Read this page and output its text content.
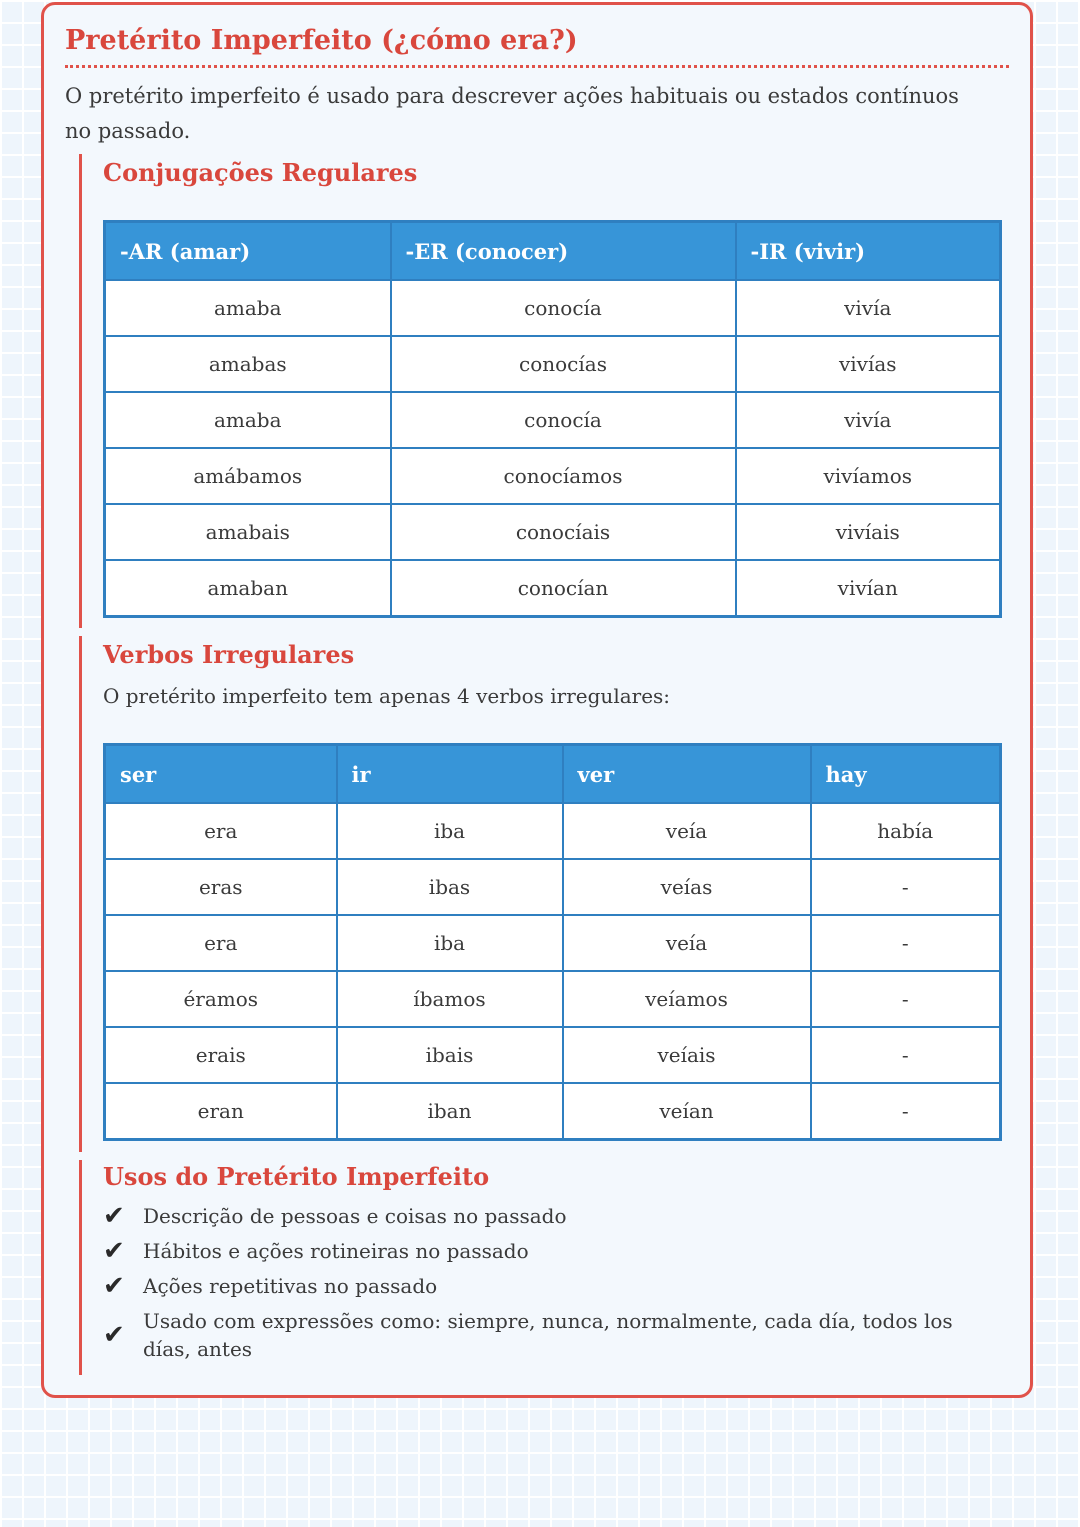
Pretérito Imperfeito (¿cómo era?)

O pretérito imperfeito é usado para descrever ações habituais ou estados contínuos no passado.

Conjugações Regulares
-AR (amar)	-ER (conocer)	-IR (vivir)
amaba	conocía	vivía
amabas	conocías	vivías
amaba	conocía	vivía
amábamos	conocíamos	vivíamos
amabais	conocíais	vivíais
amaban	conocían	vivían
Verbos Irregulares

O pretérito imperfeito tem apenas 4 verbos irregulares:

ser	ir	ver	hay
era	iba	veía	había
eras	ibas	veías	-
era	iba	veía	-
éramos	íbamos	veíamos	-
erais	ibais	veíais	-
eran	iban	veían	-
Usos do Pretérito Imperfeito
✔ Descrição de pessoas e coisas no passado
✔ Hábitos e ações rotineiras no passado
✔ Ações repetitivas no passado
✔ Usado com expressões como: siempre, nunca, normalmente, cada día, todos los días, antes
